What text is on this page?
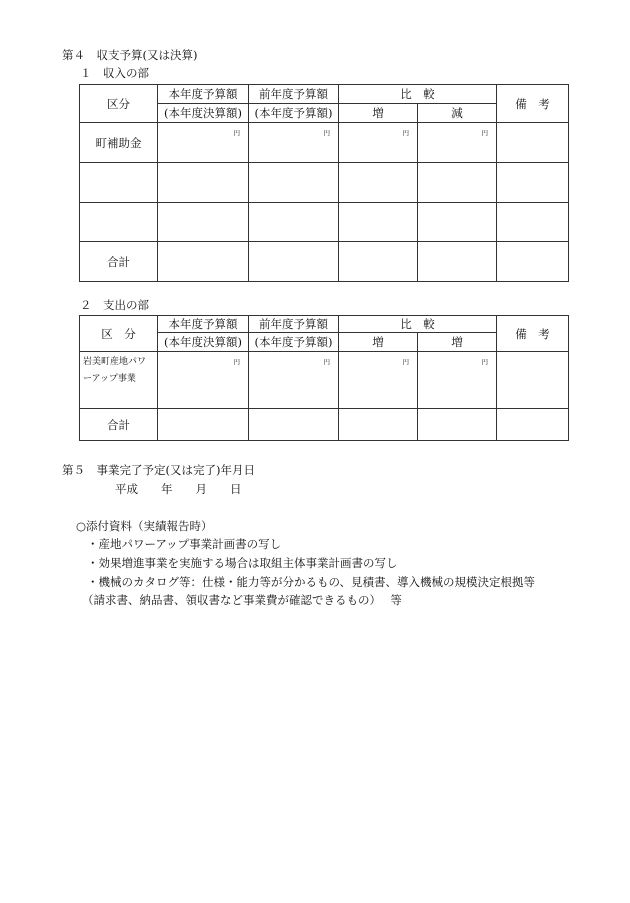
第４　収支予算(又は決算)
１　収入の部
区分	本年度予算額	前年度予算額	比　較		備　考
	(本年度決算額)	(本年度予算額)	増	減	
町補助金	円	円	円	円	

合計					
２　支出の部
区　分	本年度予算額	前年度予算額	比　較		備　考
	(本年度決算額)	(本年度予算額)	増	増	
岩美町産地パワーアップ事業	円	円	円	円	

合計					
第５　事業完了予定(又は完了)年月日
平成　　年　　月　　日
○添付資料（実績報告時）
・産地パワーアップ事業計画書の写し
・効果増進事業を実施する場合は取組主体事業計画書の写し
・機械のカタログ等：仕様・能力等が分かるもの、見積書、導入機械の規模決定根拠等
（請求書、納品書、領収書など事業費が確認できるもの）　 等
